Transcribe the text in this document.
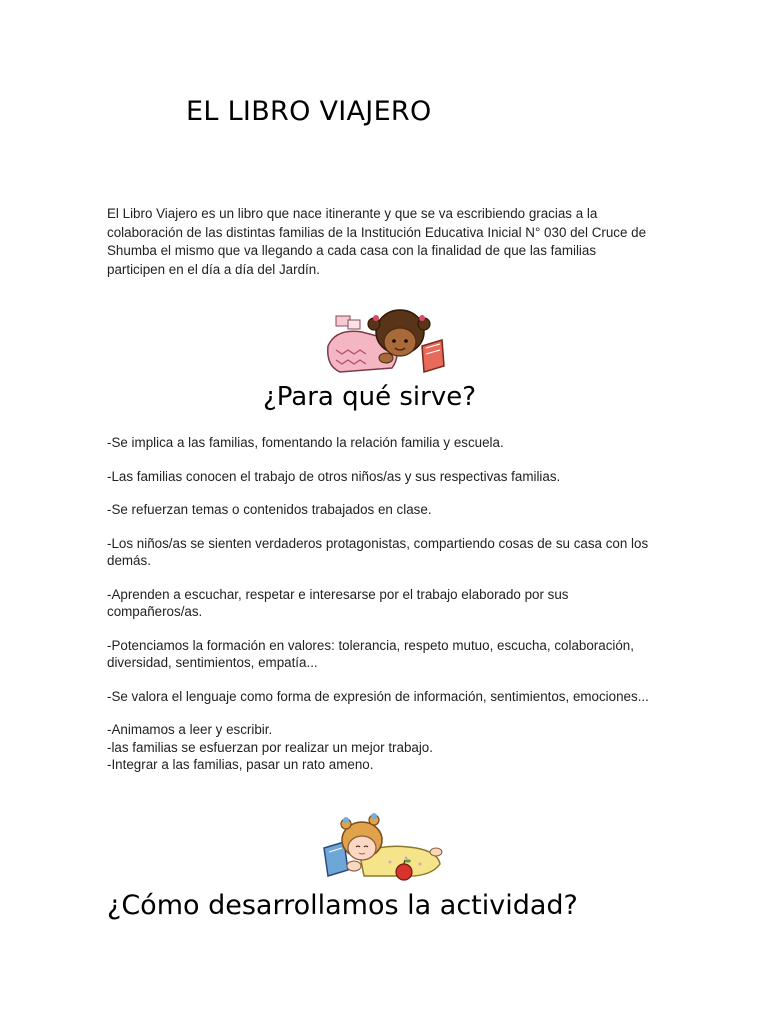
EL LIBRO VIAJERO

El Libro Viajero es un libro que nace itinerante y que se va escribiendo gracias a la colaboración de las distintas familias de la Institución Educativa Inicial N° 030 del Cruce de Shumba el mismo que va llegando a cada casa con la finalidad de que las familias participen en el día a día del Jardín.

¿Para qué sirve?
-Se implica a las familias, fomentando la relación familia y escuela.
-Las familias conocen el trabajo de otros niños/as y sus respectivas familias.
-Se refuerzan temas o contenidos trabajados en clase.
-Los niños/as se sienten verdaderos protagonistas, compartiendo cosas de su casa con los demás.
-Aprenden a escuchar, respetar e interesarse por el trabajo elaborado por sus compañeros/as.
-Potenciamos la formación en valores: tolerancia, respeto mutuo, escucha, colaboración, diversidad, sentimientos, empatía...
-Se valora el lenguaje como forma de expresión de información, sentimientos, emociones...
-Animamos a leer y escribir.
-las familias se esfuerzan por realizar un mejor trabajo.
-Integrar a las familias, pasar un rato ameno.
¿Cómo desarrollamos la actividad?
